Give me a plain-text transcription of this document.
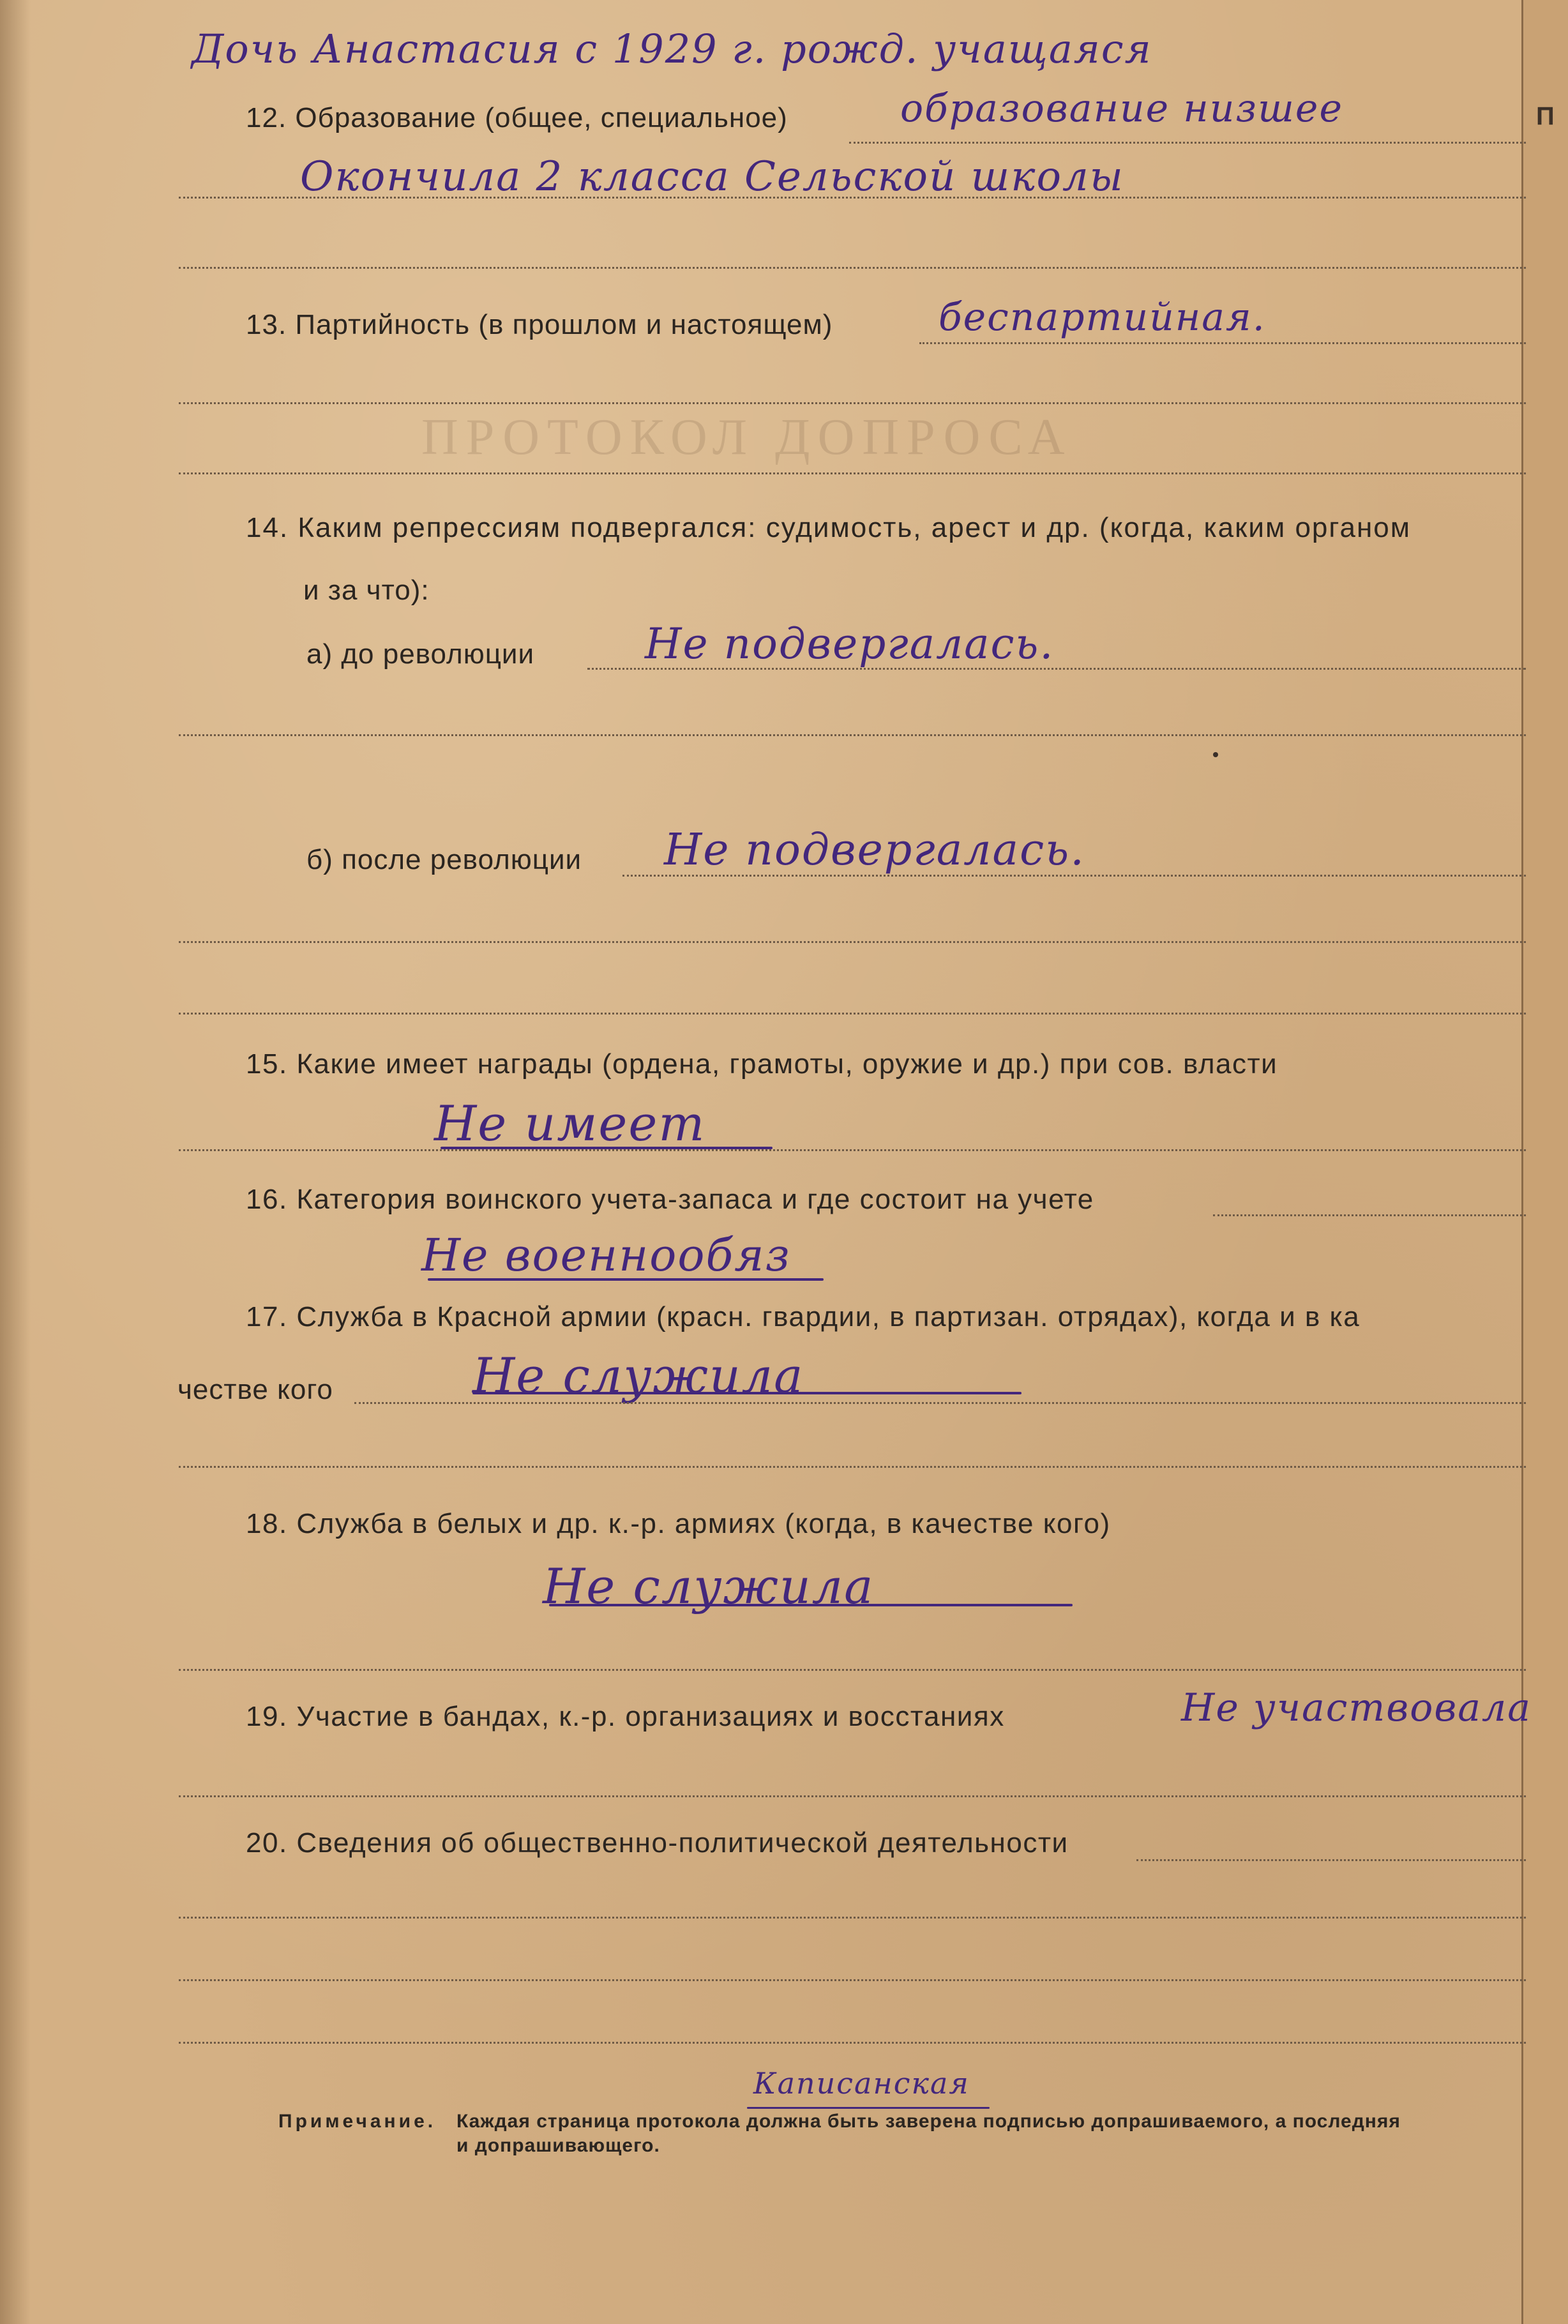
П
ПРОТОКОЛ ДОПРОСА
Дочь Анастасия с 1929 г. рожд. учащаяся
12. Образование (общее, специальное)	образование низшее
Окончила 2 класса Сельской школы
13. Партийность (в прошлом и настоящем)	беспартийная.
14. Каким репрессиям подвергался: судимость, арест и др. (когда, каким органом
и за что):
а) до революции	Не подвергалась.
б) после революции Не подвергалась.
15. Какие имеет награды (ордена, грамоты, оружие и др.) при сов. власти
Не имеет
16. Категория воинского учета-запаса и где состоит на учете
Не военнообяз
17. Служба в Красной армии (красн. гвардии, в партизан. отрядах), когда и в ка
честве кого	Не служила
18. Служба в белых и др. к.-р. армиях (когда, в качестве кого)
Не служила
19. Участие в бандах, к.-р. организациях и восстаниях	Не участвовала
20. Сведения об общественно-политической деятельности
Каписанская
Примечание. Каждая страница протокола должна быть заверена подписью допрашиваемого, а последняя
и допрашивающего.
